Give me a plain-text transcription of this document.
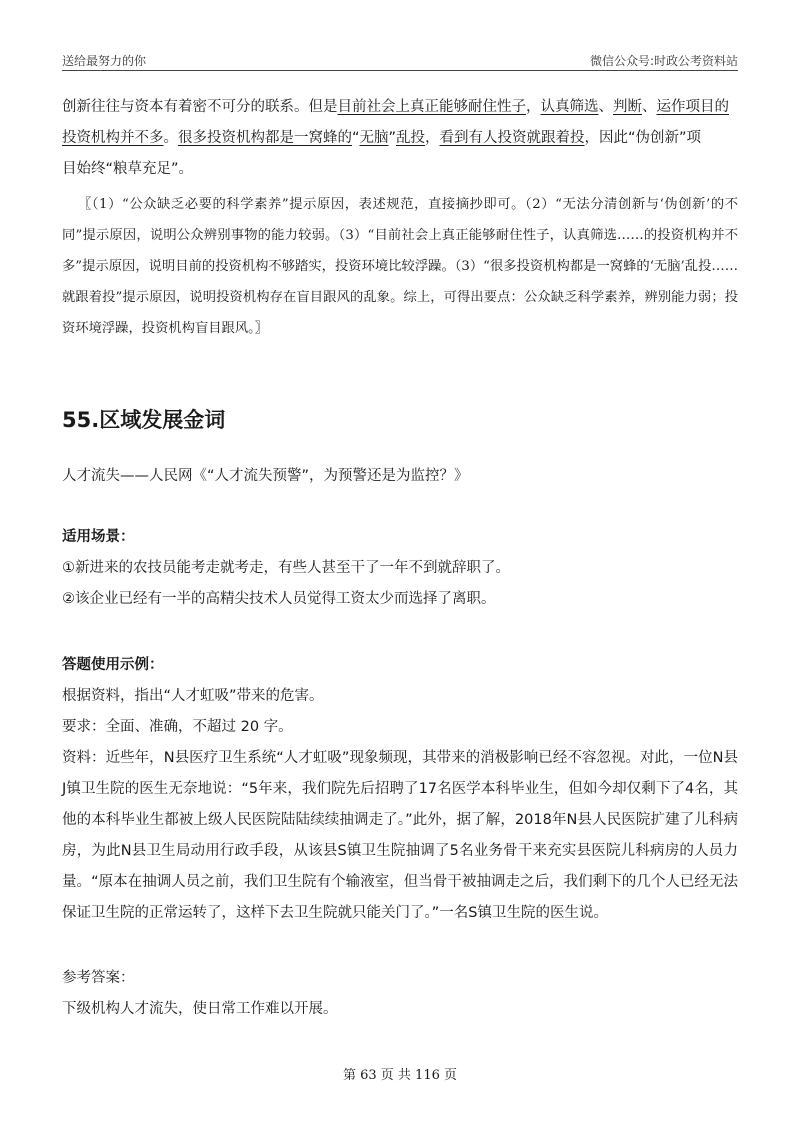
送给最努力的你	微信公众号:时政公考资料站

创新往往与资本有着密不可分的联系。但是目前社会上真正能够耐住性子，认真筛选、判断、运作项目的

投资机构并不多。很多投资机构都是一窝蜂的“无脑”乱投，看到有人投资就跟着投，因此“伪创新”项

目始终“粮草充足”。

〖（1）“公众缺乏必要的科学素养”提示原因，表述规范，直接摘抄即可。（2）“无法分清创新与‘伪创新’的不同”提示原因，说明公众辨别事物的能力较弱。（3）“目前社会上真正能够耐住性子，认真筛选……的投资机构并不多”提示原因，说明目前的投资机构不够踏实，投资环境比较浮躁。（3）“很多投资机构都是一窝蜂的‘无脑’乱投……就跟着投”提示原因，说明投资机构存在盲目跟风的乱象。综上，可得出要点：公众缺乏科学素养，辨别能力弱；投资环境浮躁，投资机构盲目跟风。〗
55.区域发展金词

人才流失——人民网《“人才流失预警”，为预警还是为监控？》

适用场景：

①新进来的农技员能考走就考走，有些人甚至干了一年不到就辞职了。

②该企业已经有一半的高精尖技术人员觉得工资太少而选择了离职。

答题使用示例：

根据资料，指出“人才虹吸”带来的危害。

要求：全面、准确，不超过 20 字。

资料：近些年，N县医疗卫生系统“人才虹吸”现象频现，其带来的消极影响已经不容忽视。对此，一位N县J镇卫生院的医生无奈地说：“5年来，我们院先后招聘了17名医学本科毕业生，但如今却仅剩下了4名，其他的本科毕业生都被上级人民医院陆陆续续抽调走了。”此外，据了解，2018年N县人民医院扩建了儿科病房，为此N县卫生局动用行政手段，从该县S镇卫生院抽调了5名业务骨干来充实县医院儿科病房的人员力量。“原本在抽调人员之前，我们卫生院有个输液室，但当骨干被抽调走之后，我们剩下的几个人已经无法保证卫生院的正常运转了，这样下去卫生院就只能关门了。”一名S镇卫生院的医生说。

参考答案：

下级机构人才流失，使日常工作难以开展。

第 63 页 共 116 页
